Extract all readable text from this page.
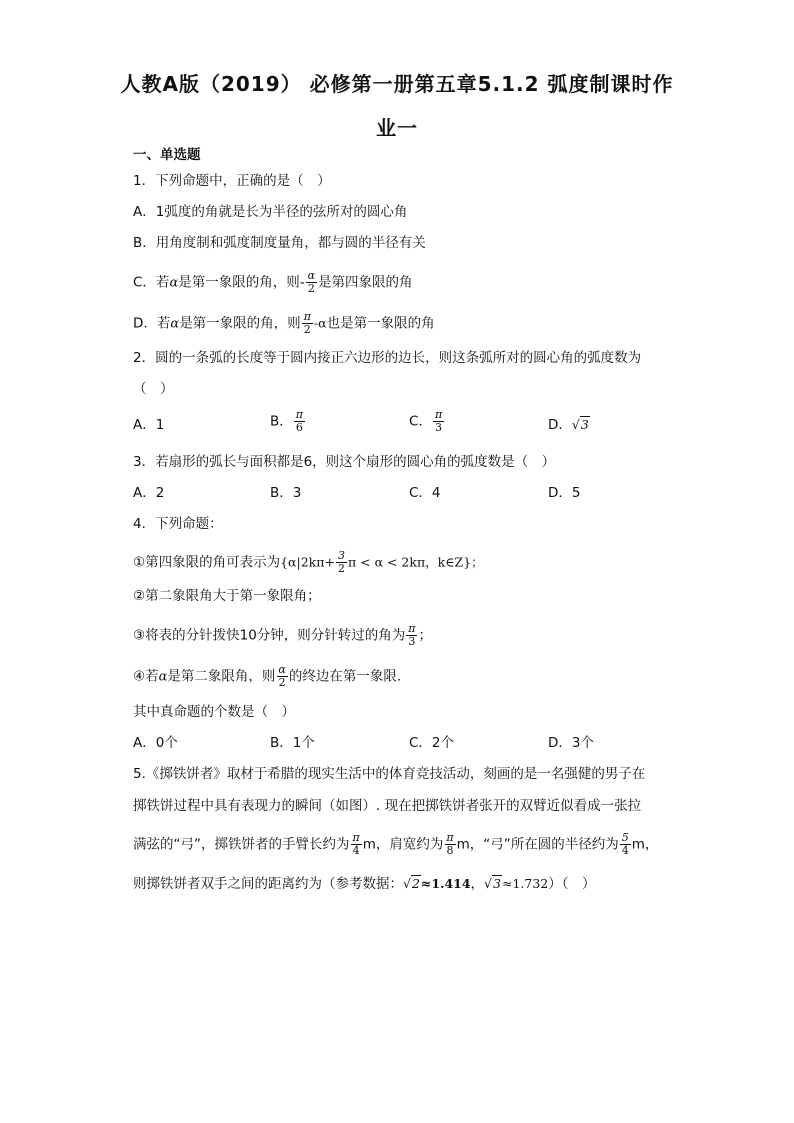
人教A版（2019） 必修第一册第五章5.1.2 弧度制课时作
业一
一、单选题
1．下列命题中，正确的是（　）
A．1弧度的角就是长为半径的弦所对的圆心角
B．用角度制和弧度制度量角，都与圆的半径有关
C．若α是第一象限的角，则- $\frac{\alpha}{2}$ 是第四象限的角
D．若α是第一象限的角，则 $\frac{\pi}{2} -\alpha$也是第一象限的角
2．圆的一条弧的长度等于圆内接正六边形的边长，则这条弧所对的圆心角的弧度数为
（　）
A．1	B． $\frac{\pi}{6}$	C． $\frac{\pi}{3}$	D．√3
3．若扇形的弧长与面积都是6，则这个扇形的圆心角的弧度数是（　）
A．2	B．3	C．4	D．5
4．下列命题：
①第四象限的角可表示为{$\alpha|2k\pi+ \frac{3}{2}$ π < α < 2kπ，k∈Z}；
②第二象限角大于第一象限角；
③将表的分针拨快10分钟，则分针转过的角为 $\frac{\pi}{3}$ ；
④若α是第二象限角，则 $\frac{\alpha}{2}$ 的终边在第一象限.
其中真命题的个数是（　）
A．0个	B．1个	C．2个	D．3个
5.《掷铁饼者》取材于希腊的现实生活中的体育竞技活动，刻画的是一名强健的男子在
掷铁饼过程中具有表现力的瞬间（如图）. 现在把掷铁饼者张开的双臂近似看成一张拉
满弦的“弓”，掷铁饼者的手臂长约为 $\frac{\pi}{4}$ m，肩宽约为 $\frac{\pi}{8}$ m，“弓”所在圆的半径约为 $\frac{5}{4}$ m，
则掷铁饼者双手之间的距离约为（参考数据：√2≈1.414，√3≈1.732）（　）
